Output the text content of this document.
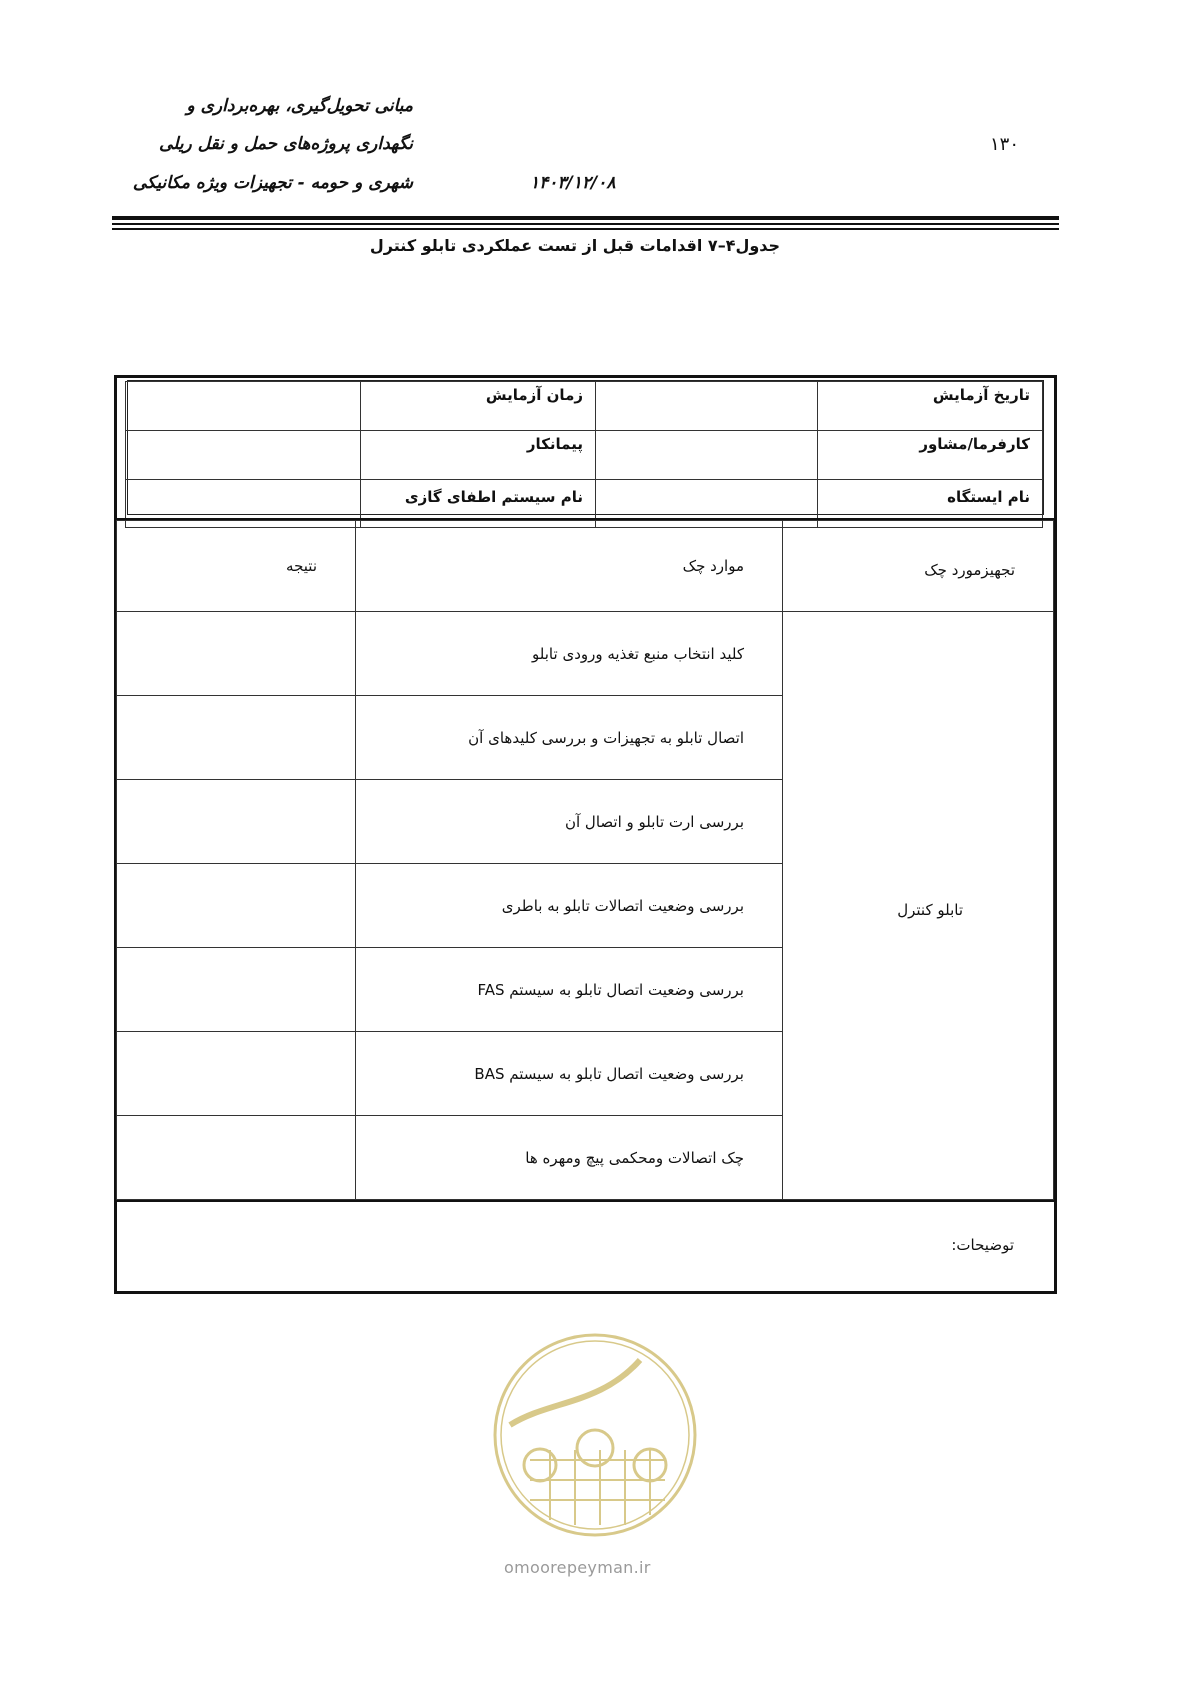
مبانی تحویل‌گیری، بهره‌برداری و
نگهداری پروژه‌های حمل و نقل ریلی
شهری و حومه - تجهیزات ویژه مکانیکی	۱۴۰۳/۱۲/۰۸
۱۳۰
جدول۴–۷ اقدامات قبل از تست عملکردی تابلو کنترل
تاریخ آزمایش		زمان آزمایش	
کارفرما/مشاور		پیمانکار	
نام ایستگاه		نام سیستم اطفای گازی	
تجهیزمورد چک	موارد چک	نتیجه
تابلو کنترل	کلید انتخاب منبع تغذیه ورودی تابلو	
	اتصال تابلو به تجهیزات و بررسی کلیدهای آن	
	بررسی ارت تابلو و اتصال آن	
	بررسی وضعیت اتصالات تابلو به باطری	
	بررسی وضعیت اتصال تابلو به سیستم FAS	
	بررسی وضعیت اتصال تابلو به سیستم BAS	
	چک اتصالات ومحکمی پیچ ومهره ها	
توضیحات:
omoorepeyman.ir
